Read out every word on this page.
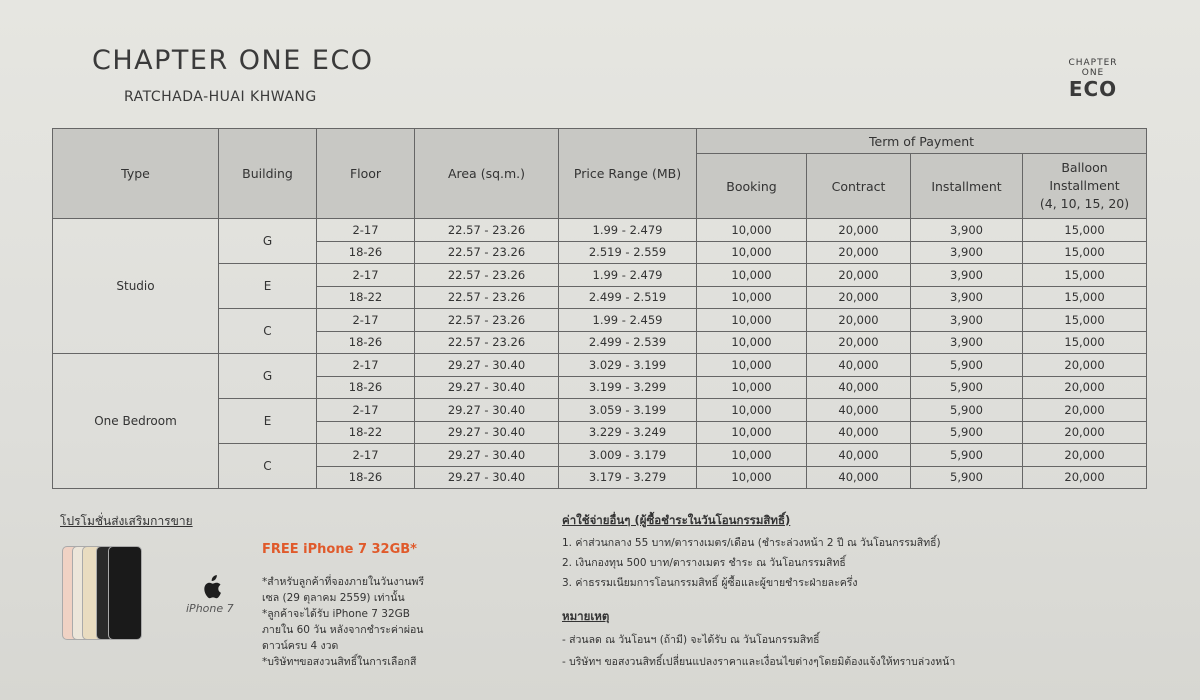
CHAPTER ONE ECO
RATCHADA-HUAI KHWANG
CHAPTER
ONE
ECO
Type	Building	Floor	Area (sq.m.)	Price Range (MB)	Term of Payment			
					Booking	Contract	Installment	Balloon
Installment
(4, 10, 15, 20)

Studio	G	2-17	22.57 - 23.26	1.99 - 2.479	10,000	20,000	3,900	15,000
		18-26	22.57 - 23.26	2.519 - 2.559	10,000	20,000	3,900	15,000
	E	2-17	22.57 - 23.26	1.99 - 2.479	10,000	20,000	3,900	15,000
		18-22	22.57 - 23.26	2.499 - 2.519	10,000	20,000	3,900	15,000
	C	2-17	22.57 - 23.26	1.99 - 2.459	10,000	20,000	3,900	15,000
		18-26	22.57 - 23.26	2.499 - 2.539	10,000	20,000	3,900	15,000
One Bedroom	G	2-17	29.27 - 30.40	3.029 - 3.199	10,000	40,000	5,900	20,000
		18-26	29.27 - 30.40	3.199 - 3.299	10,000	40,000	5,900	20,000
	E	2-17	29.27 - 30.40	3.059 - 3.199	10,000	40,000	5,900	20,000
		18-22	29.27 - 30.40	3.229 - 3.249	10,000	40,000	5,900	20,000
	C	2-17	29.27 - 30.40	3.009 - 3.179	10,000	40,000	5,900	20,000
		18-26	29.27 - 30.40	3.179 - 3.279	10,000	40,000	5,900	20,000
โปรโมชั่นส่งเสริมการขาย
iPhone 7
FREE iPhone 7 32GB*
*สำหรับลูกค้าที่จองภายในวันงานพรีเซล (29 ตุลาคม 2559) เท่านั้น
*ลูกค้าจะได้รับ iPhone 7 32GB ภายใน 60 วัน หลังจากชำระค่าผ่อนดาวน์ครบ 4 งวด
*บริษัทฯขอสงวนสิทธิ์ในการเลือกสี
ค่าใช้จ่ายอื่นๆ (ผู้ซื้อชำระในวันโอนกรรมสิทธิ์)
1. ค่าส่วนกลาง 55 บาท/ตารางเมตร/เดือน (ชำระล่วงหน้า 2 ปี ณ วันโอนกรรมสิทธิ์)
2. เงินกองทุน 500 บาท/ตารางเมตร ชำระ ณ วันโอนกรรมสิทธิ์
3. ค่าธรรมเนียมการโอนกรรมสิทธิ์ ผู้ซื้อและผู้ขายชำระฝ่ายละครึ่ง
หมายเหตุ
- ส่วนลด ณ วันโอนฯ (ถ้ามี) จะได้รับ ณ วันโอนกรรมสิทธิ์
- บริษัทฯ ขอสงวนสิทธิ์เปลี่ยนแปลงราคาและเงื่อนไขต่างๆโดยมิต้องแจ้งให้ทราบล่วงหน้า
